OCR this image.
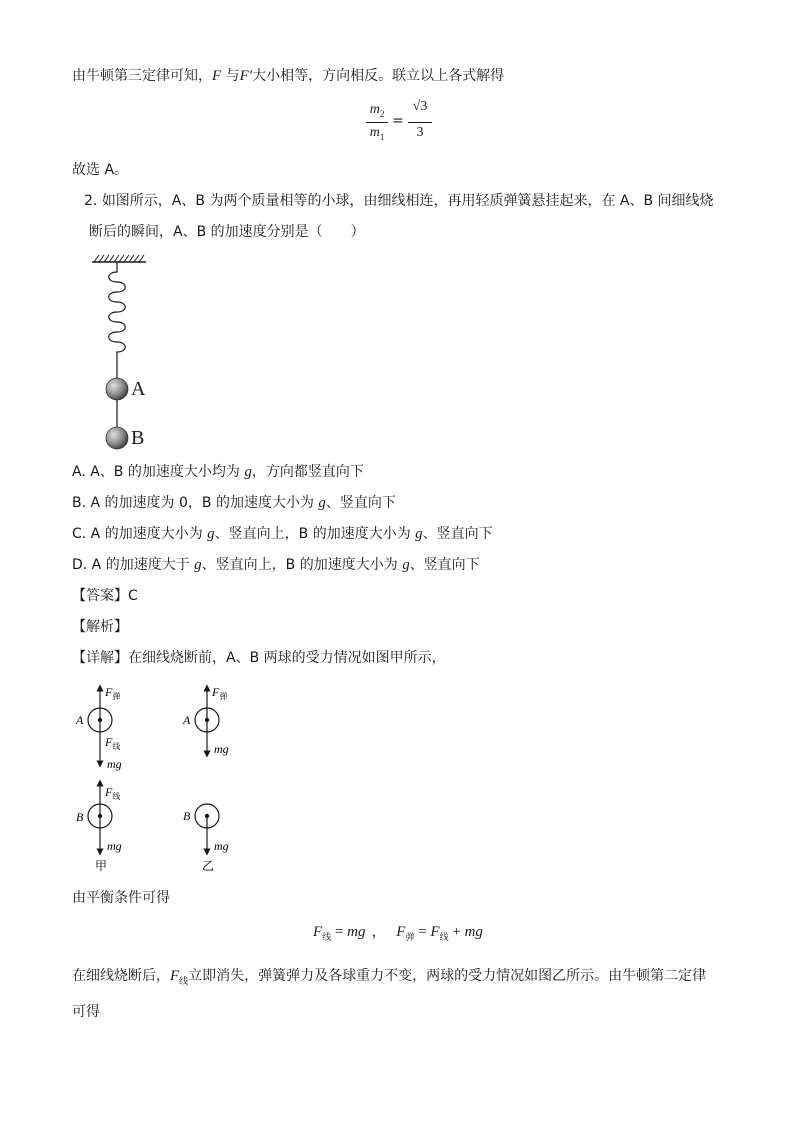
由牛顿第三定律可知，F 与F′大小相等，方向相反。联立以上各式解得
$m_2$
$m_1$
=
√3
3
故选 A。
2. 如图所示，A、B 为两个质量相等的小球，由细线相连，再用轻质弹簧悬挂起来，在 A、B 间细线烧
断后的瞬间，A、B 的加速度分别是（　　）
A
B
A. A、B 的加速度大小均为 g，方向都竖直向下
B. A 的加速度为 0，B 的加速度大小为 g、竖直向下
C. A 的加速度大小为 g、竖直向上，B 的加速度大小为 g、竖直向下
D. A 的加速度大于 g、竖直向上，B 的加速度大小为 g、竖直向下
【答案】C
【解析】
【详解】在细线烧断前，A、B 两球的受力情况如图甲所示，
A
$F_弹$
$F_线$
mg
A
$F_弹$
mg
B
$F_线$
mg
B
mg
甲	乙
由平衡条件可得
$F_线$ = mg ， $F_弹 = F_线$ + mg
在细线烧断后，$F_线$立即消失，弹簧弹力及各球重力不变，两球的受力情况如图乙所示。由牛顿第二定律
可得
